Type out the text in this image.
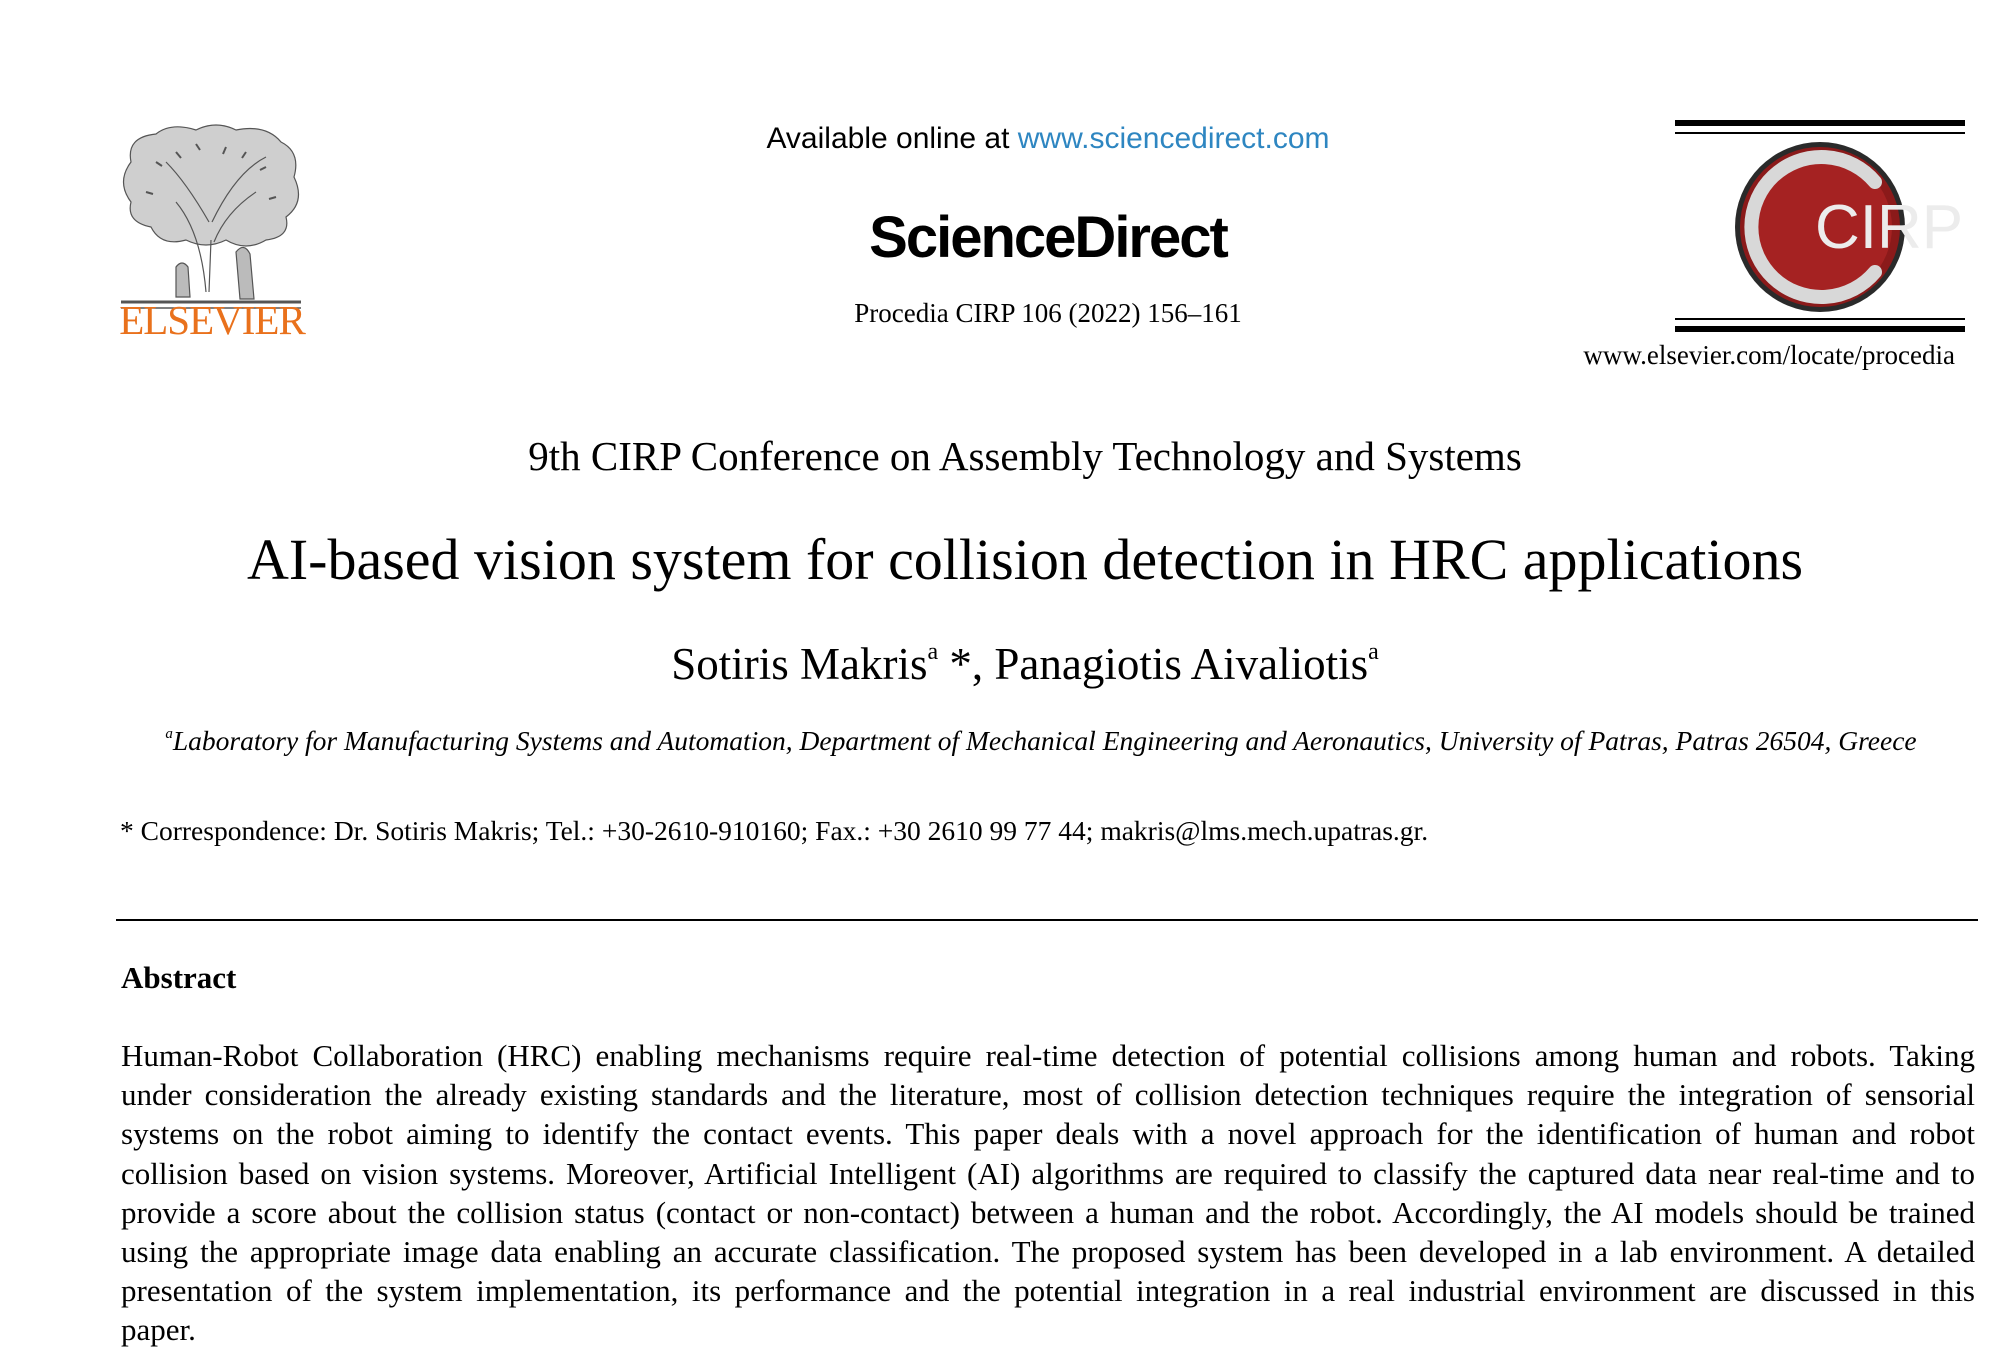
ELSEVIER
Available online at www.sciencedirect.com
ScienceDirect
Procedia CIRP 106 (2022) 156–161
CIRP
www.elsevier.com/locate/procedia
9th CIRP Conference on Assembly Technology and Systems
AI-based vision system for collision detection in HRC applications
Sotiris Makris$^a$ *, Panagiotis Aivaliotis$^a$
$^a$Laboratory for Manufacturing Systems and Automation, Department of Mechanical Engineering and Aeronautics, University of Patras, Patras 26504, Greece
* Correspondence: Dr. Sotiris Makris; Tel.: +30-2610-910160; Fax.: +30 2610 99 77 44; makris@lms.mech.upatras.gr.
Abstract
Human-Robot Collaboration (HRC) enabling mechanisms require real-time detection of potential collisions among human and robots. Taking
under consideration the already existing standards and the literature, most of collision detection techniques require the integration of sensorial
systems on the robot aiming to identify the contact events. This paper deals with a novel approach for the identification of human and robot
collision based on vision systems. Moreover, Artificial Intelligent (AI) algorithms are required to classify the captured data near real-time and to
provide a score about the collision status (contact or non-contact) between a human and the robot. Accordingly, the AI models should be trained
using the appropriate image data enabling an accurate classification. The proposed system has been developed in a lab environment. A detailed
presentation of the system implementation, its performance and the potential integration in a real industrial environment are discussed in this
paper.
